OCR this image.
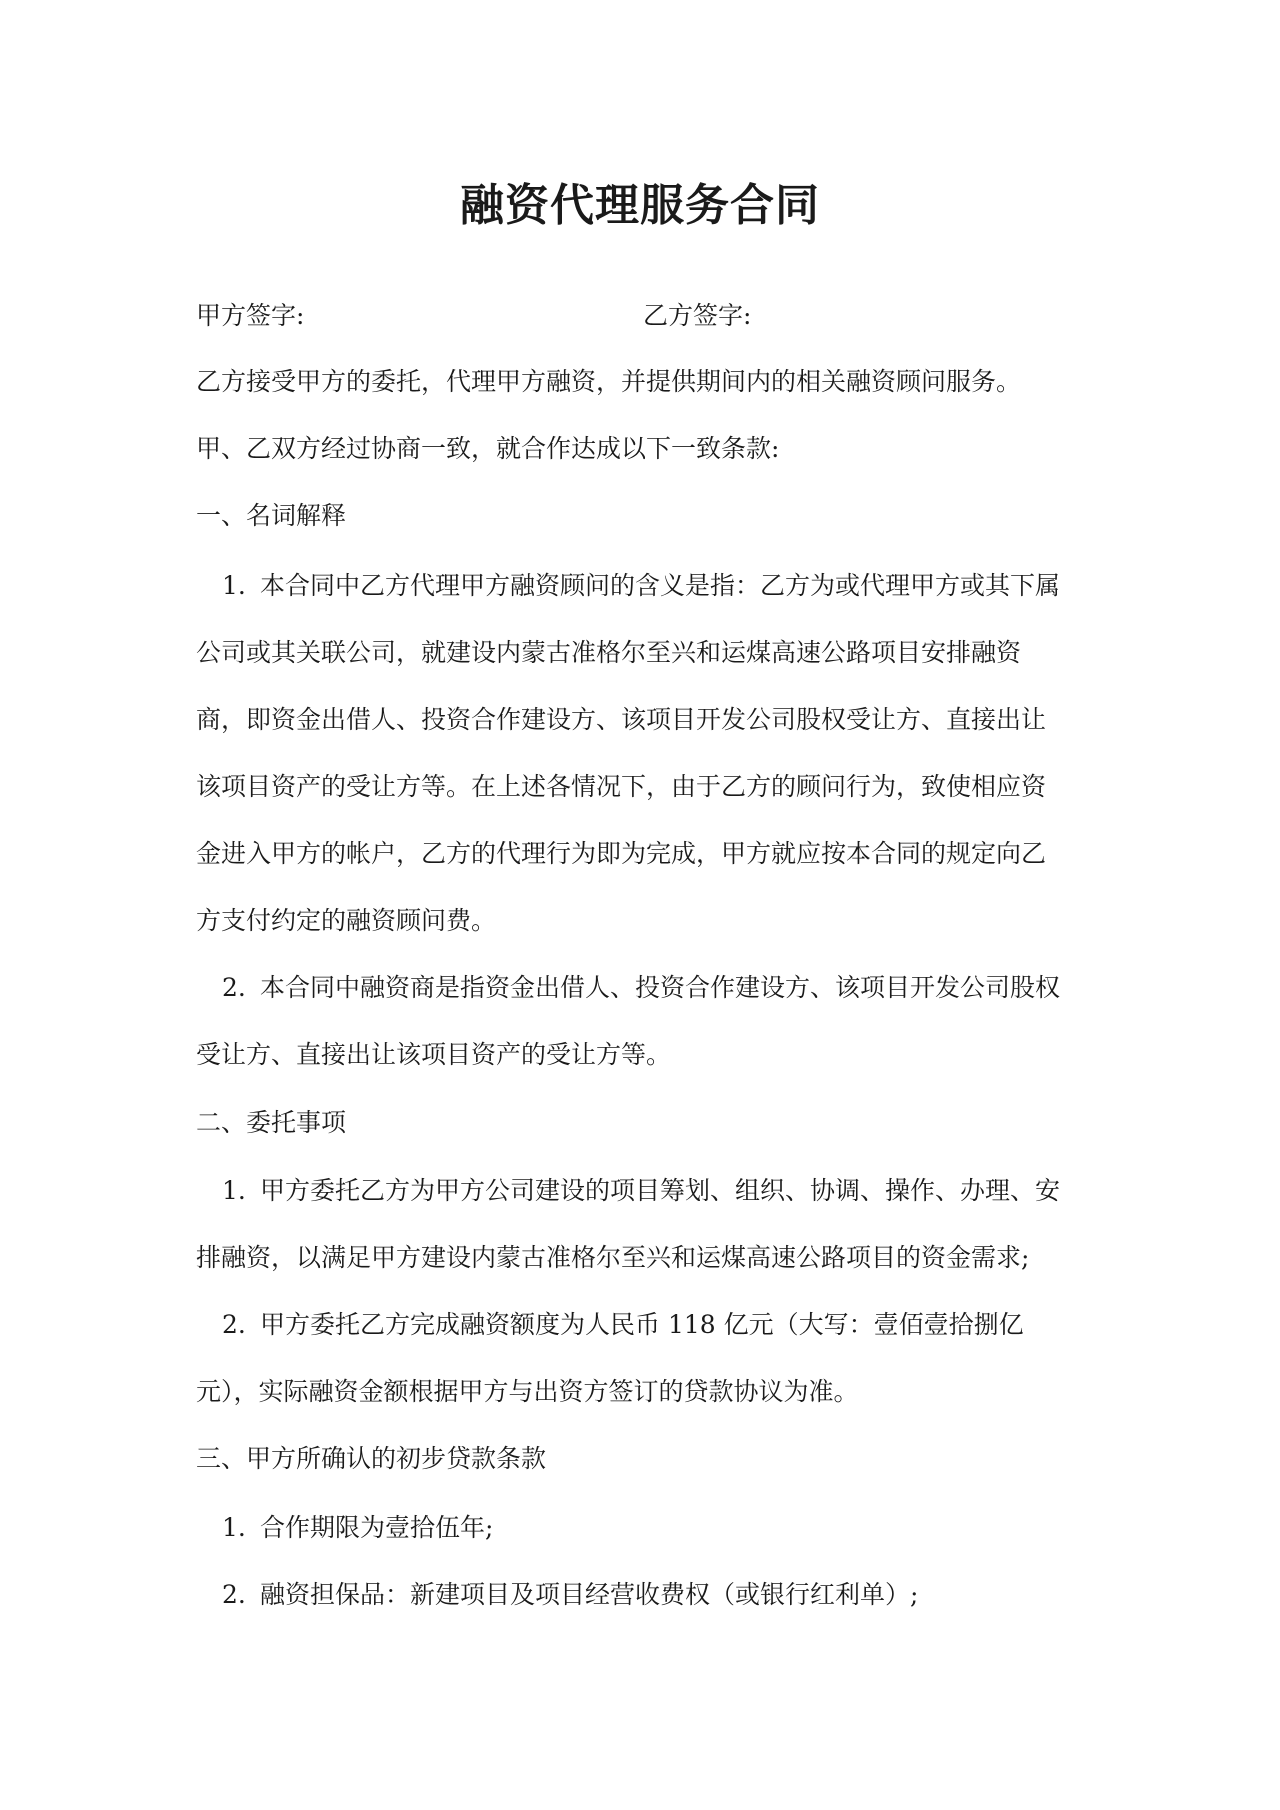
融资代理服务合同
甲方签字:	乙方签字:
乙方接受甲方的委托，代理甲方融资，并提供期间内的相关融资顾问服务。
甲、乙双方经过协商一致，就合作达成以下一致条款:
一、名词解释
1. 本合同中乙方代理甲方融资顾问的含义是指：乙方为或代理甲方或其下属
公司或其关联公司，就建设内蒙古准格尔至兴和运煤高速公路项目安排融资
商，即资金出借人、投资合作建设方、该项目开发公司股权受让方、直接出让
该项目资产的受让方等。在上述各情况下，由于乙方的顾问行为，致使相应资
金进入甲方的帐户，乙方的代理行为即为完成，甲方就应按本合同的规定向乙
方支付约定的融资顾问费。
2. 本合同中融资商是指资金出借人、投资合作建设方、该项目开发公司股权
受让方、直接出让该项目资产的受让方等。
二、委托事项
1. 甲方委托乙方为甲方公司建设的项目筹划、组织、协调、操作、办理、安
排融资，以满足甲方建设内蒙古准格尔至兴和运煤高速公路项目的资金需求;
2. 甲方委托乙方完成融资额度为人民币 118 亿元（大写：壹佰壹拾捌亿
元），实际融资金额根据甲方与出资方签订的贷款协议为准。
三、甲方所确认的初步贷款条款
1. 合作期限为壹拾伍年;
2. 融资担保品：新建项目及项目经营收费权（或银行红利单）;
